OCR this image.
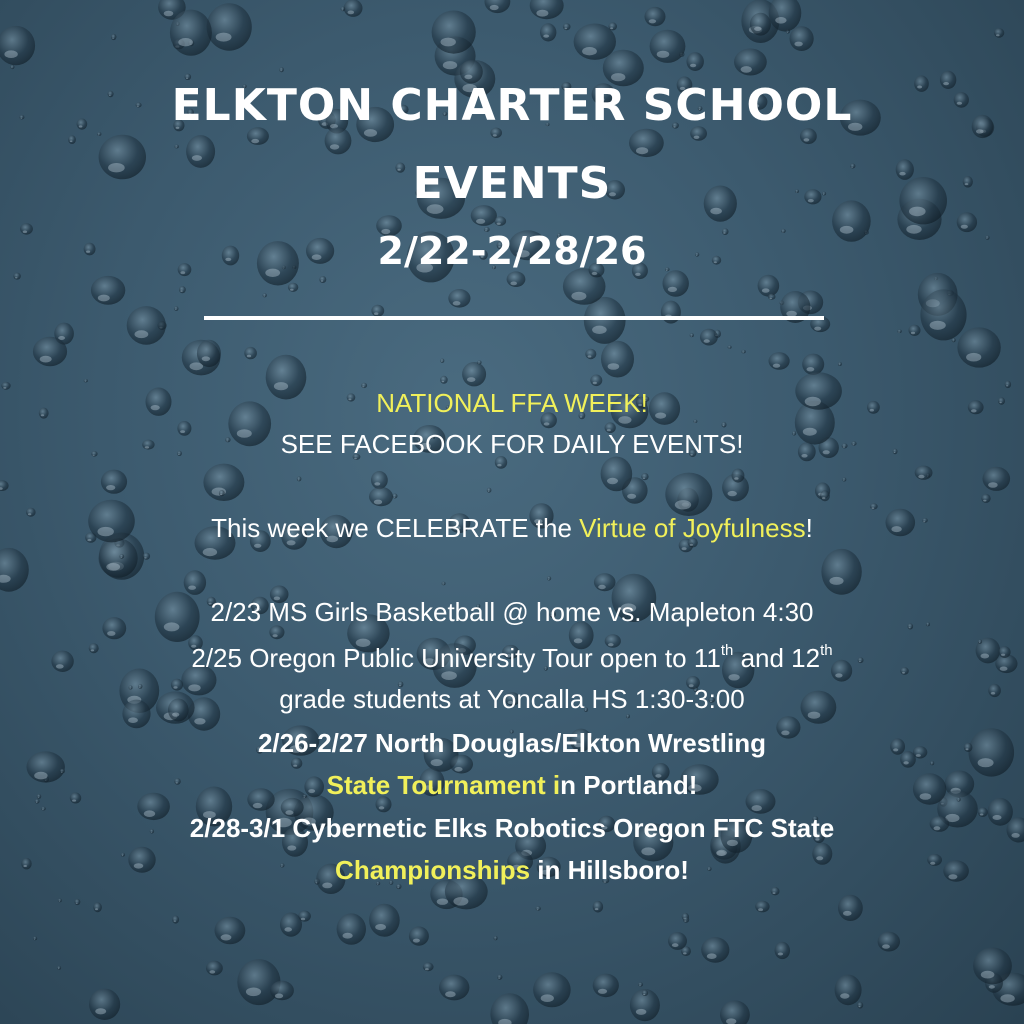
ELKTON CHARTER SCHOOL
EVENTS
2/22-2/28/26
NATIONAL FFA WEEK!
SEE FACEBOOK FOR DAILY EVENTS!
This week we CELEBRATE the Virtue of Joyfulness!
2/23 MS Girls Basketball @ home vs. Mapleton 4:30
2/25 Oregon Public University Tour open to 11th and 12th
grade students at Yoncalla HS 1:30-3:00
2/26-2/27 North Douglas/Elkton Wrestling
State Tournament in Portland!
2/28-3/1 Cybernetic Elks Robotics Oregon FTC State
Championships in Hillsboro!
